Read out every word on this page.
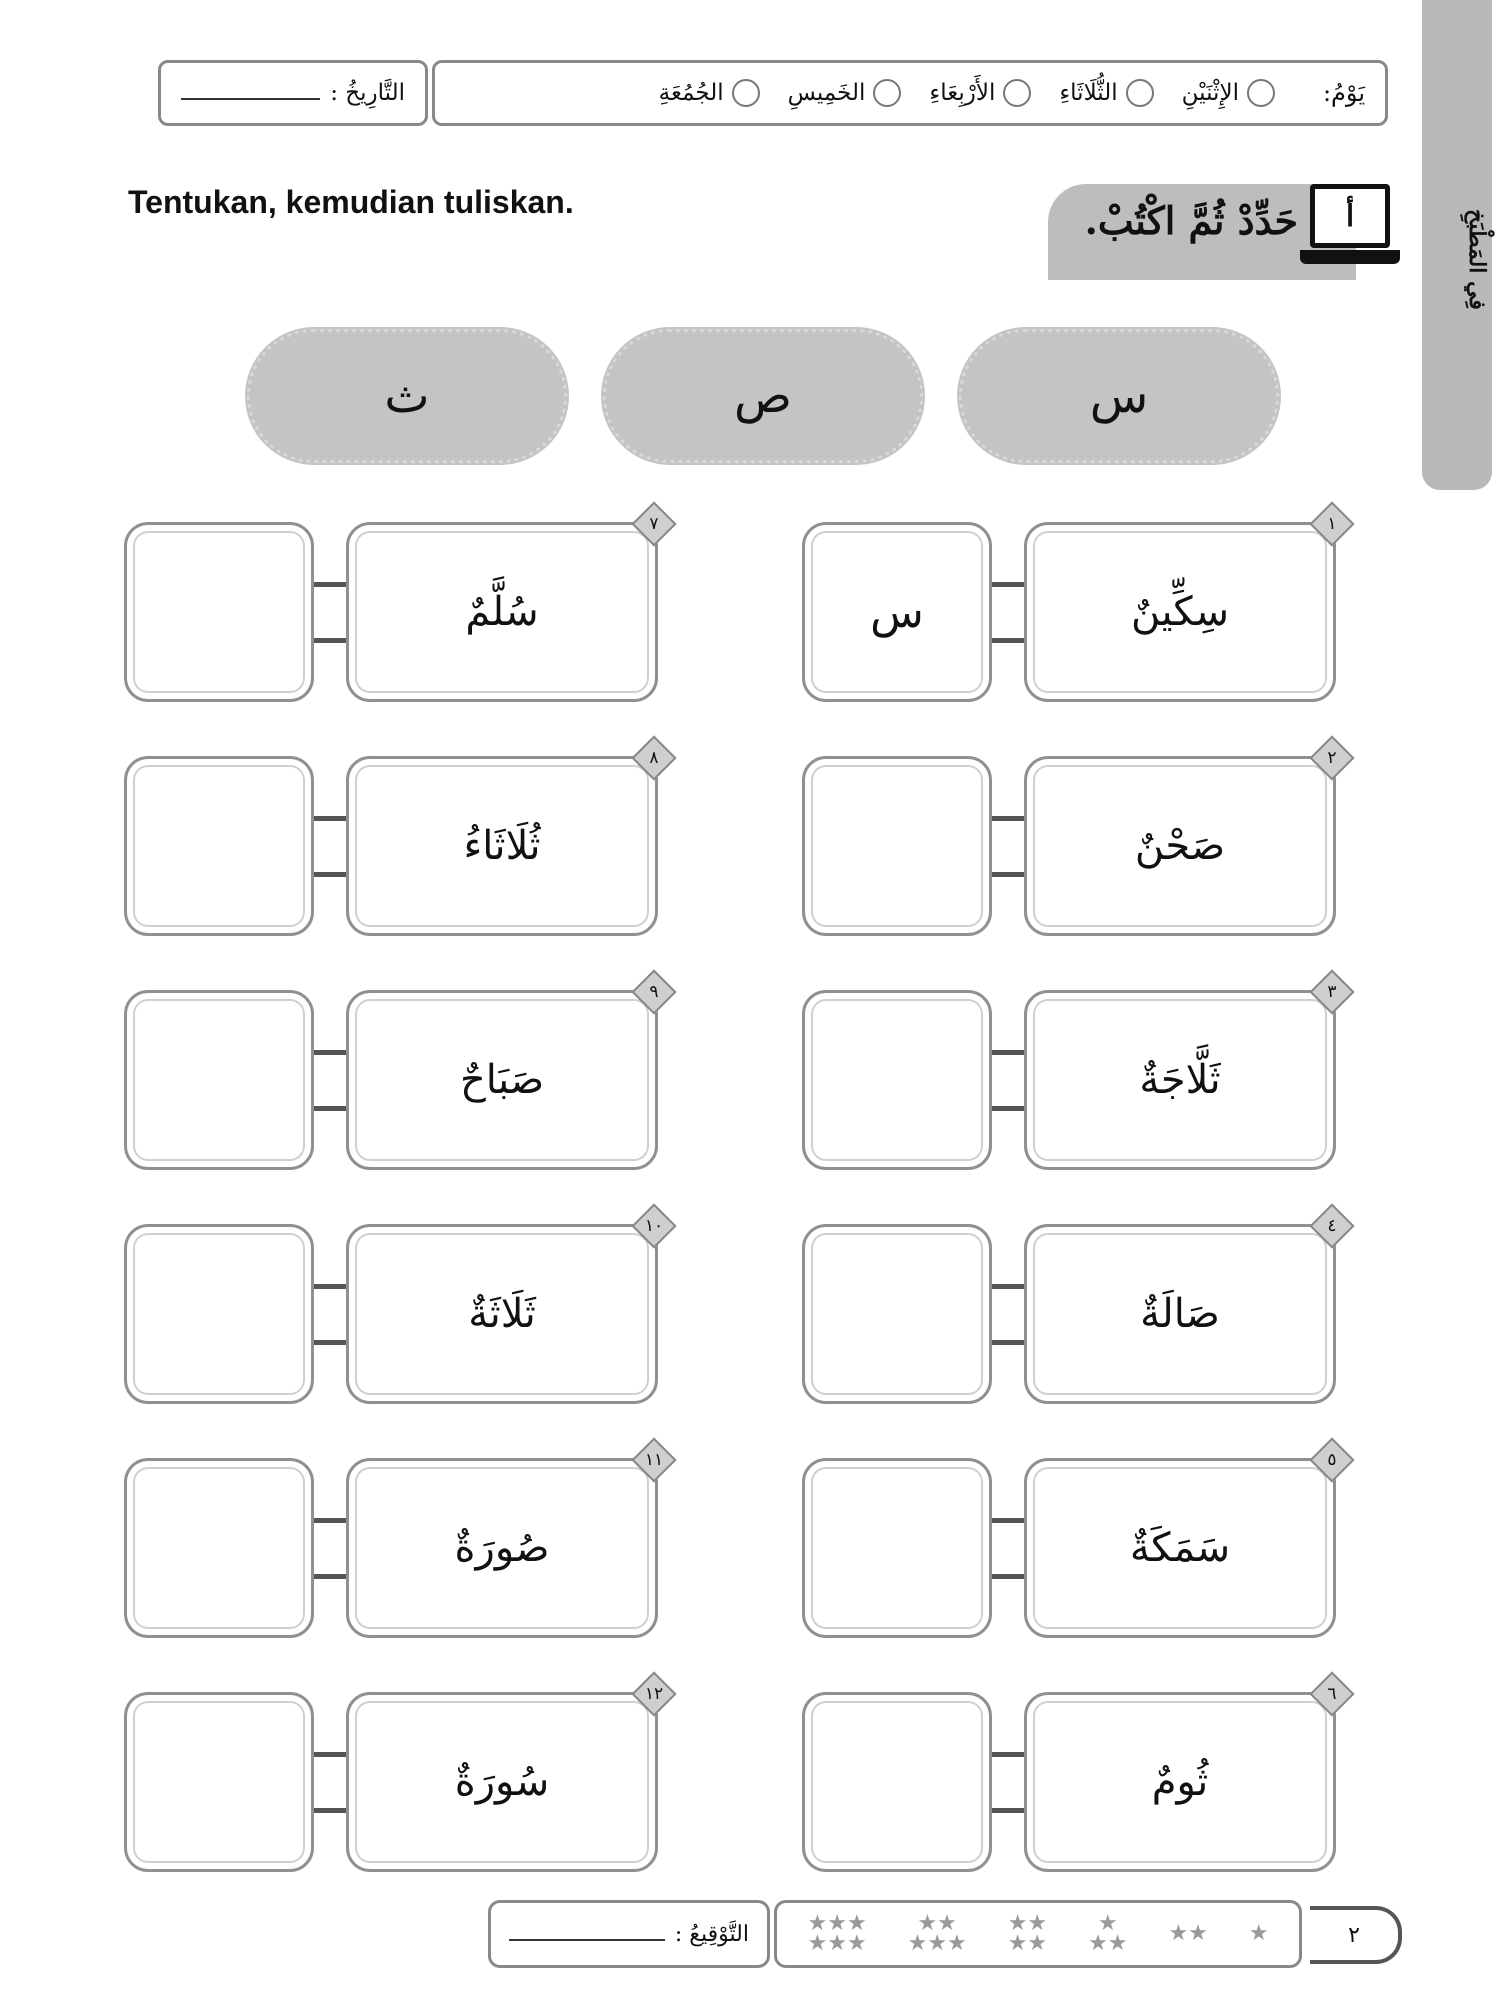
فِي المَطْبَخِ
يَوْمُ:
الإِثْنَيْنِ
الثُّلَاثَاءِ
الأَرْبِعَاءِ
الخَمِيسِ
الجُمُعَةِ
التَّارِيخُ :
Tentukan, kemudian tuliskan.	حَدِّدْ ثُمَّ اكْتُبْ.	أ
س
ص
ث
س	سِكِّينٌ
١
صَحْنٌ
٢
ثَلَّاجَةٌ
٣
صَالَةٌ
٤
سَمَكَةٌ
٥
ثُومٌ
٦
سُلَّمٌ
٧
ثُلَاثَاءُ
٨
صَبَاحٌ
٩
ثَلَاثَةٌ
١٠
صُورَةٌ
١١
سُورَةٌ
١٢
٢
★
★★
★
★★
★★
★★
★★
★★★
★★★
★★★
التَّوْقِيعُ :
